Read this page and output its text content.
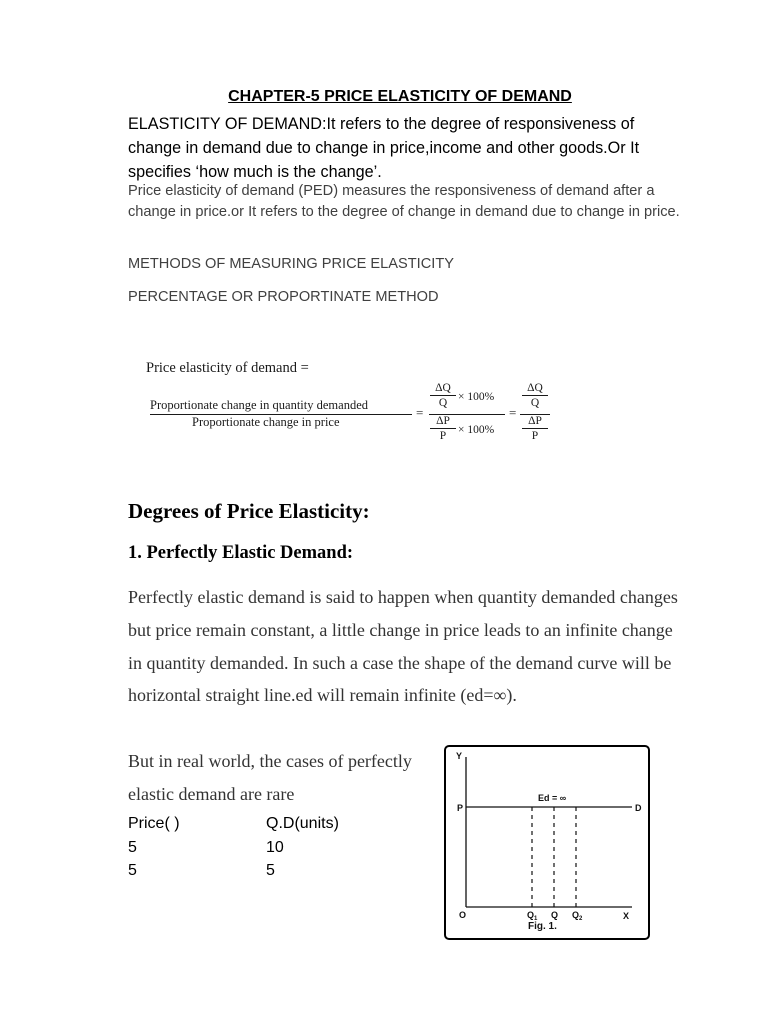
CHAPTER-5 PRICE ELASTICITY OF DEMAND
ELASTICITY OF DEMAND:It refers to the degree of responsiveness of change in demand due to change in price,income and other goods.Or It specifies ‘how much is the change’.
Price elasticity of demand (PED) measures the responsiveness of demand after a change in price.or It refers to the degree of change in demand due to change in price.
METHODS OF MEASURING PRICE ELASTICITY
PERCENTAGE OR PROPORTINATE METHOD
Price elasticity of demand =
Proportionate change in quantity demanded
Proportionate change in price
=
ΔQ
Q × 100%
ΔP
P	× 100%
=
ΔQ
Q
ΔP
P
Degrees of Price Elasticity:
1. Perfectly Elastic Demand:
Perfectly elastic demand is said to happen when quantity demanded changes but price remain constant, a little change in price leads to an infinite change in quantity demanded. In such a case the shape of the demand curve will be horizontal straight line.ed will remain infinite (ed=∞).
But in real world, the cases of perfectly elastic demand are rare
Price( )	Q.D(units)
5	10
5	5
Y
X
O
P	D
Ed = ∞
$Q_1$ Q $Q_2$
Fig. 1.
